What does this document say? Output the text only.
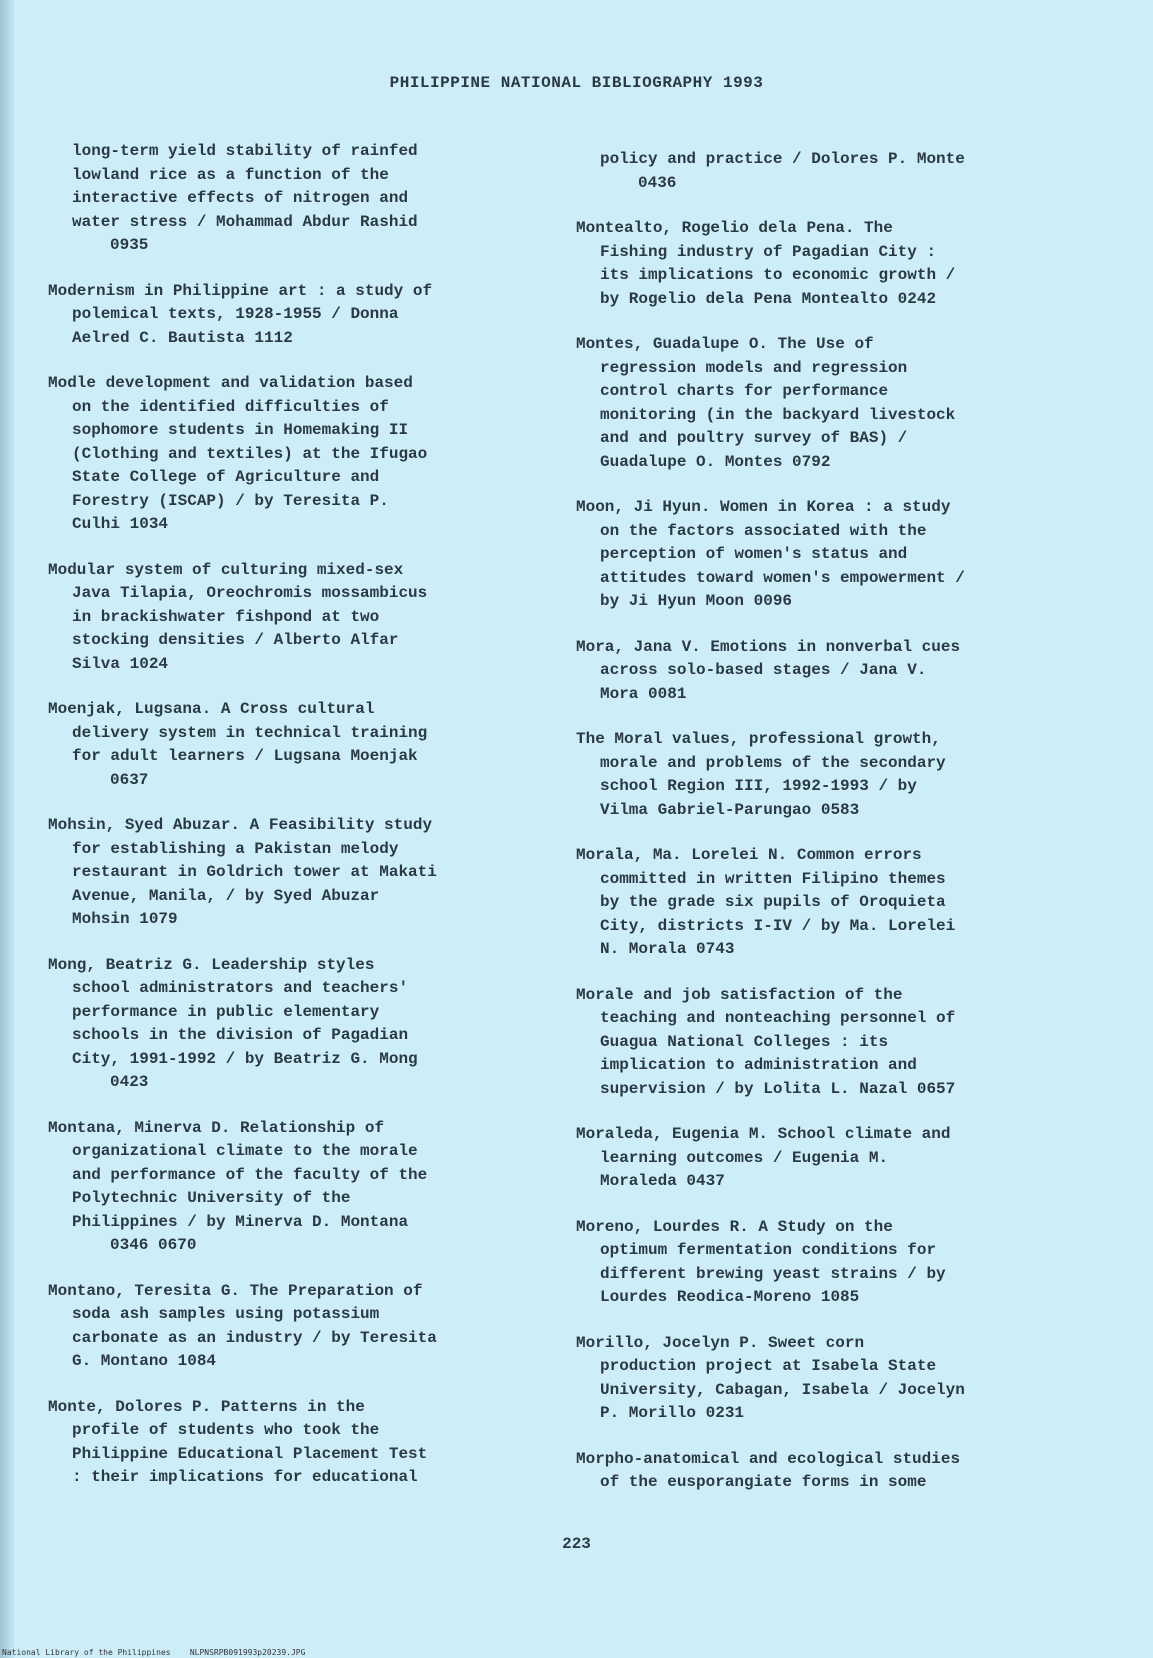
PHILIPPINE NATIONAL BIBLIOGRAPHY 1993
long-term yield stability of rainfed
lowland rice as a function of the
interactive effects of nitrogen and
water stress / Mohammad Abdur Rashid
0935
Modernism in Philippine art : a study of
polemical texts, 1928-1955 / Donna
Aelred C. Bautista 1112
Modle development and validation based
on the identified difficulties of
sophomore students in Homemaking II
(Clothing and textiles) at the Ifugao
State College of Agriculture and
Forestry (ISCAP) / by Teresita P.
Culhi 1034
Modular system of culturing mixed-sex
Java Tilapia, Oreochromis mossambicus
in brackishwater fishpond at two
stocking densities / Alberto Alfar
Silva 1024
Moenjak, Lugsana. A Cross cultural
delivery system in technical training
for adult learners / Lugsana Moenjak
0637
Mohsin, Syed Abuzar. A Feasibility study
for establishing a Pakistan melody
restaurant in Goldrich tower at Makati
Avenue, Manila, / by Syed Abuzar
Mohsin 1079
Mong, Beatriz G. Leadership styles
school administrators and teachers'
performance in public elementary
schools in the division of Pagadian
City, 1991-1992 / by Beatriz G. Mong
0423
Montana, Minerva D. Relationship of
organizational climate to the morale
and performance of the faculty of the
Polytechnic University of the
Philippines / by Minerva D. Montana
0346 0670
Montano, Teresita G. The Preparation of
soda ash samples using potassium
carbonate as an industry / by Teresita
G. Montano 1084
Monte, Dolores P. Patterns in the
profile of students who took the
Philippine Educational Placement Test
: their implications for educational
policy and practice / Dolores P. Monte
0436
Montealto, Rogelio dela Pena. The
Fishing industry of Pagadian City :
its implications to economic growth /
by Rogelio dela Pena Montealto 0242
Montes, Guadalupe O. The Use of
regression models and regression
control charts for performance
monitoring (in the backyard livestock
and and poultry survey of BAS) /
Guadalupe O. Montes 0792
Moon, Ji Hyun. Women in Korea : a study
on the factors associated with the
perception of women's status and
attitudes toward women's empowerment /
by Ji Hyun Moon 0096
Mora, Jana V. Emotions in nonverbal cues
across solo-based stages / Jana V.
Mora 0081
The Moral values, professional growth,
morale and problems of the secondary
school Region III, 1992-1993 / by
Vilma Gabriel-Parungao 0583
Morala, Ma. Lorelei N. Common errors
committed in written Filipino themes
by the grade six pupils of Oroquieta
City, districts I-IV / by Ma. Lorelei
N. Morala 0743
Morale and job satisfaction of the
teaching and nonteaching personnel of
Guagua National Colleges : its
implication to administration and
supervision / by Lolita L. Nazal 0657
Moraleda, Eugenia M. School climate and
learning outcomes / Eugenia M.
Moraleda 0437
Moreno, Lourdes R. A Study on the
optimum fermentation conditions for
different brewing yeast strains / by
Lourdes Reodica-Moreno 1085
Morillo, Jocelyn P. Sweet corn
production project at Isabela State
University, Cabagan, Isabela / Jocelyn
P. Morillo 0231
Morpho-anatomical and ecological studies
of the eusporangiate forms in some
223
National Library of the Philippines    NLPNSRPB091993p20239.JPG
